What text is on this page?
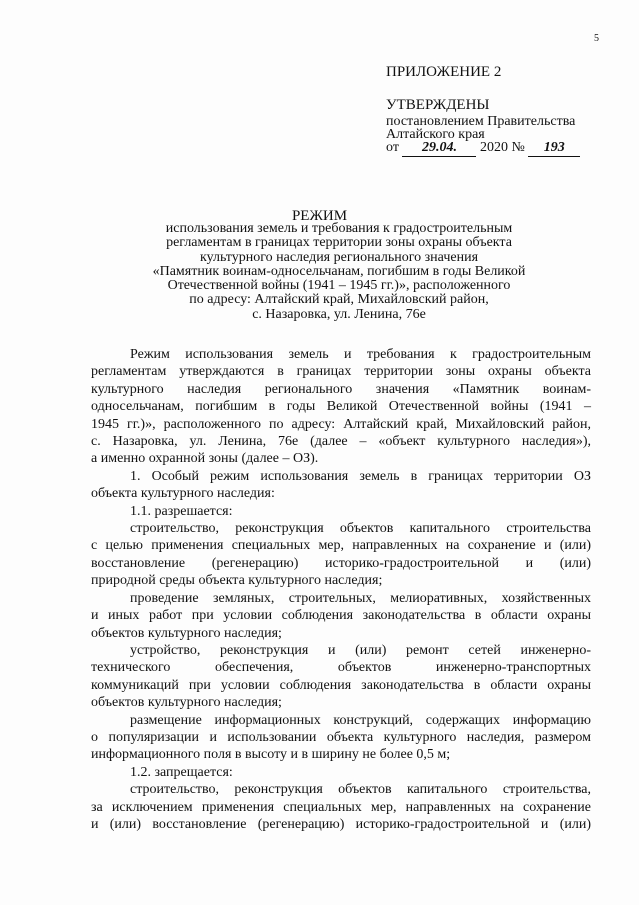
5
ПРИЛОЖЕНИЕ 2
УТВЕРЖДЕНЫ
постановлением Правительства
Алтайского края
от 29.04. 2020 № 193
РЕЖИМ
использования земель и требования к градостроительным
регламентам в границах территории зоны охраны объекта
культурного наследия регионального значения
«Памятник воинам-односельчанам, погибшим в годы Великой
Отечественной войны (1941 – 1945 гг.)», расположенного
по адресу: Алтайский край, Михайловский район,
с. Назаровка, ул. Ленина, 76е
Режим использования земель и требования к градостроительным
регламентам утверждаются в границах территории зоны охраны объекта
культурного наследия регионального значения «Памятник воинам-
односельчанам, погибшим в годы Великой Отечественной войны (1941 –
1945 гг.)», расположенного по адресу: Алтайский край, Михайловский район,
с. Назаровка, ул. Ленина, 76е (далее – «объект культурного наследия»),
а именно охранной зоны (далее – ОЗ).
1. Особый режим использования земель в границах территории ОЗ
объекта культурного наследия:
1.1. разрешается:
строительство, реконструкция объектов капитального строительства
с целью применения специальных мер, направленных на сохранение и (или)
восстановление (регенерацию) историко-градостроительной и (или)
природной среды объекта культурного наследия;
проведение земляных, строительных, мелиоративных, хозяйственных
и иных работ при условии соблюдения законодательства в области охраны
объектов культурного наследия;
устройство, реконструкция и (или) ремонт сетей инженерно-
технического обеспечения, объектов инженерно-транспортных
коммуникаций при условии соблюдения законодательства в области охраны
объектов культурного наследия;
размещение информационных конструкций, содержащих информацию
о популяризации и использовании объекта культурного наследия, размером
информационного поля в высоту и в ширину не более 0,5 м;
1.2. запрещается:
строительство, реконструкция объектов капитального строительства,
за исключением применения специальных мер, направленных на сохранение
и (или) восстановление (регенерацию) историко-градостроительной и (или)
